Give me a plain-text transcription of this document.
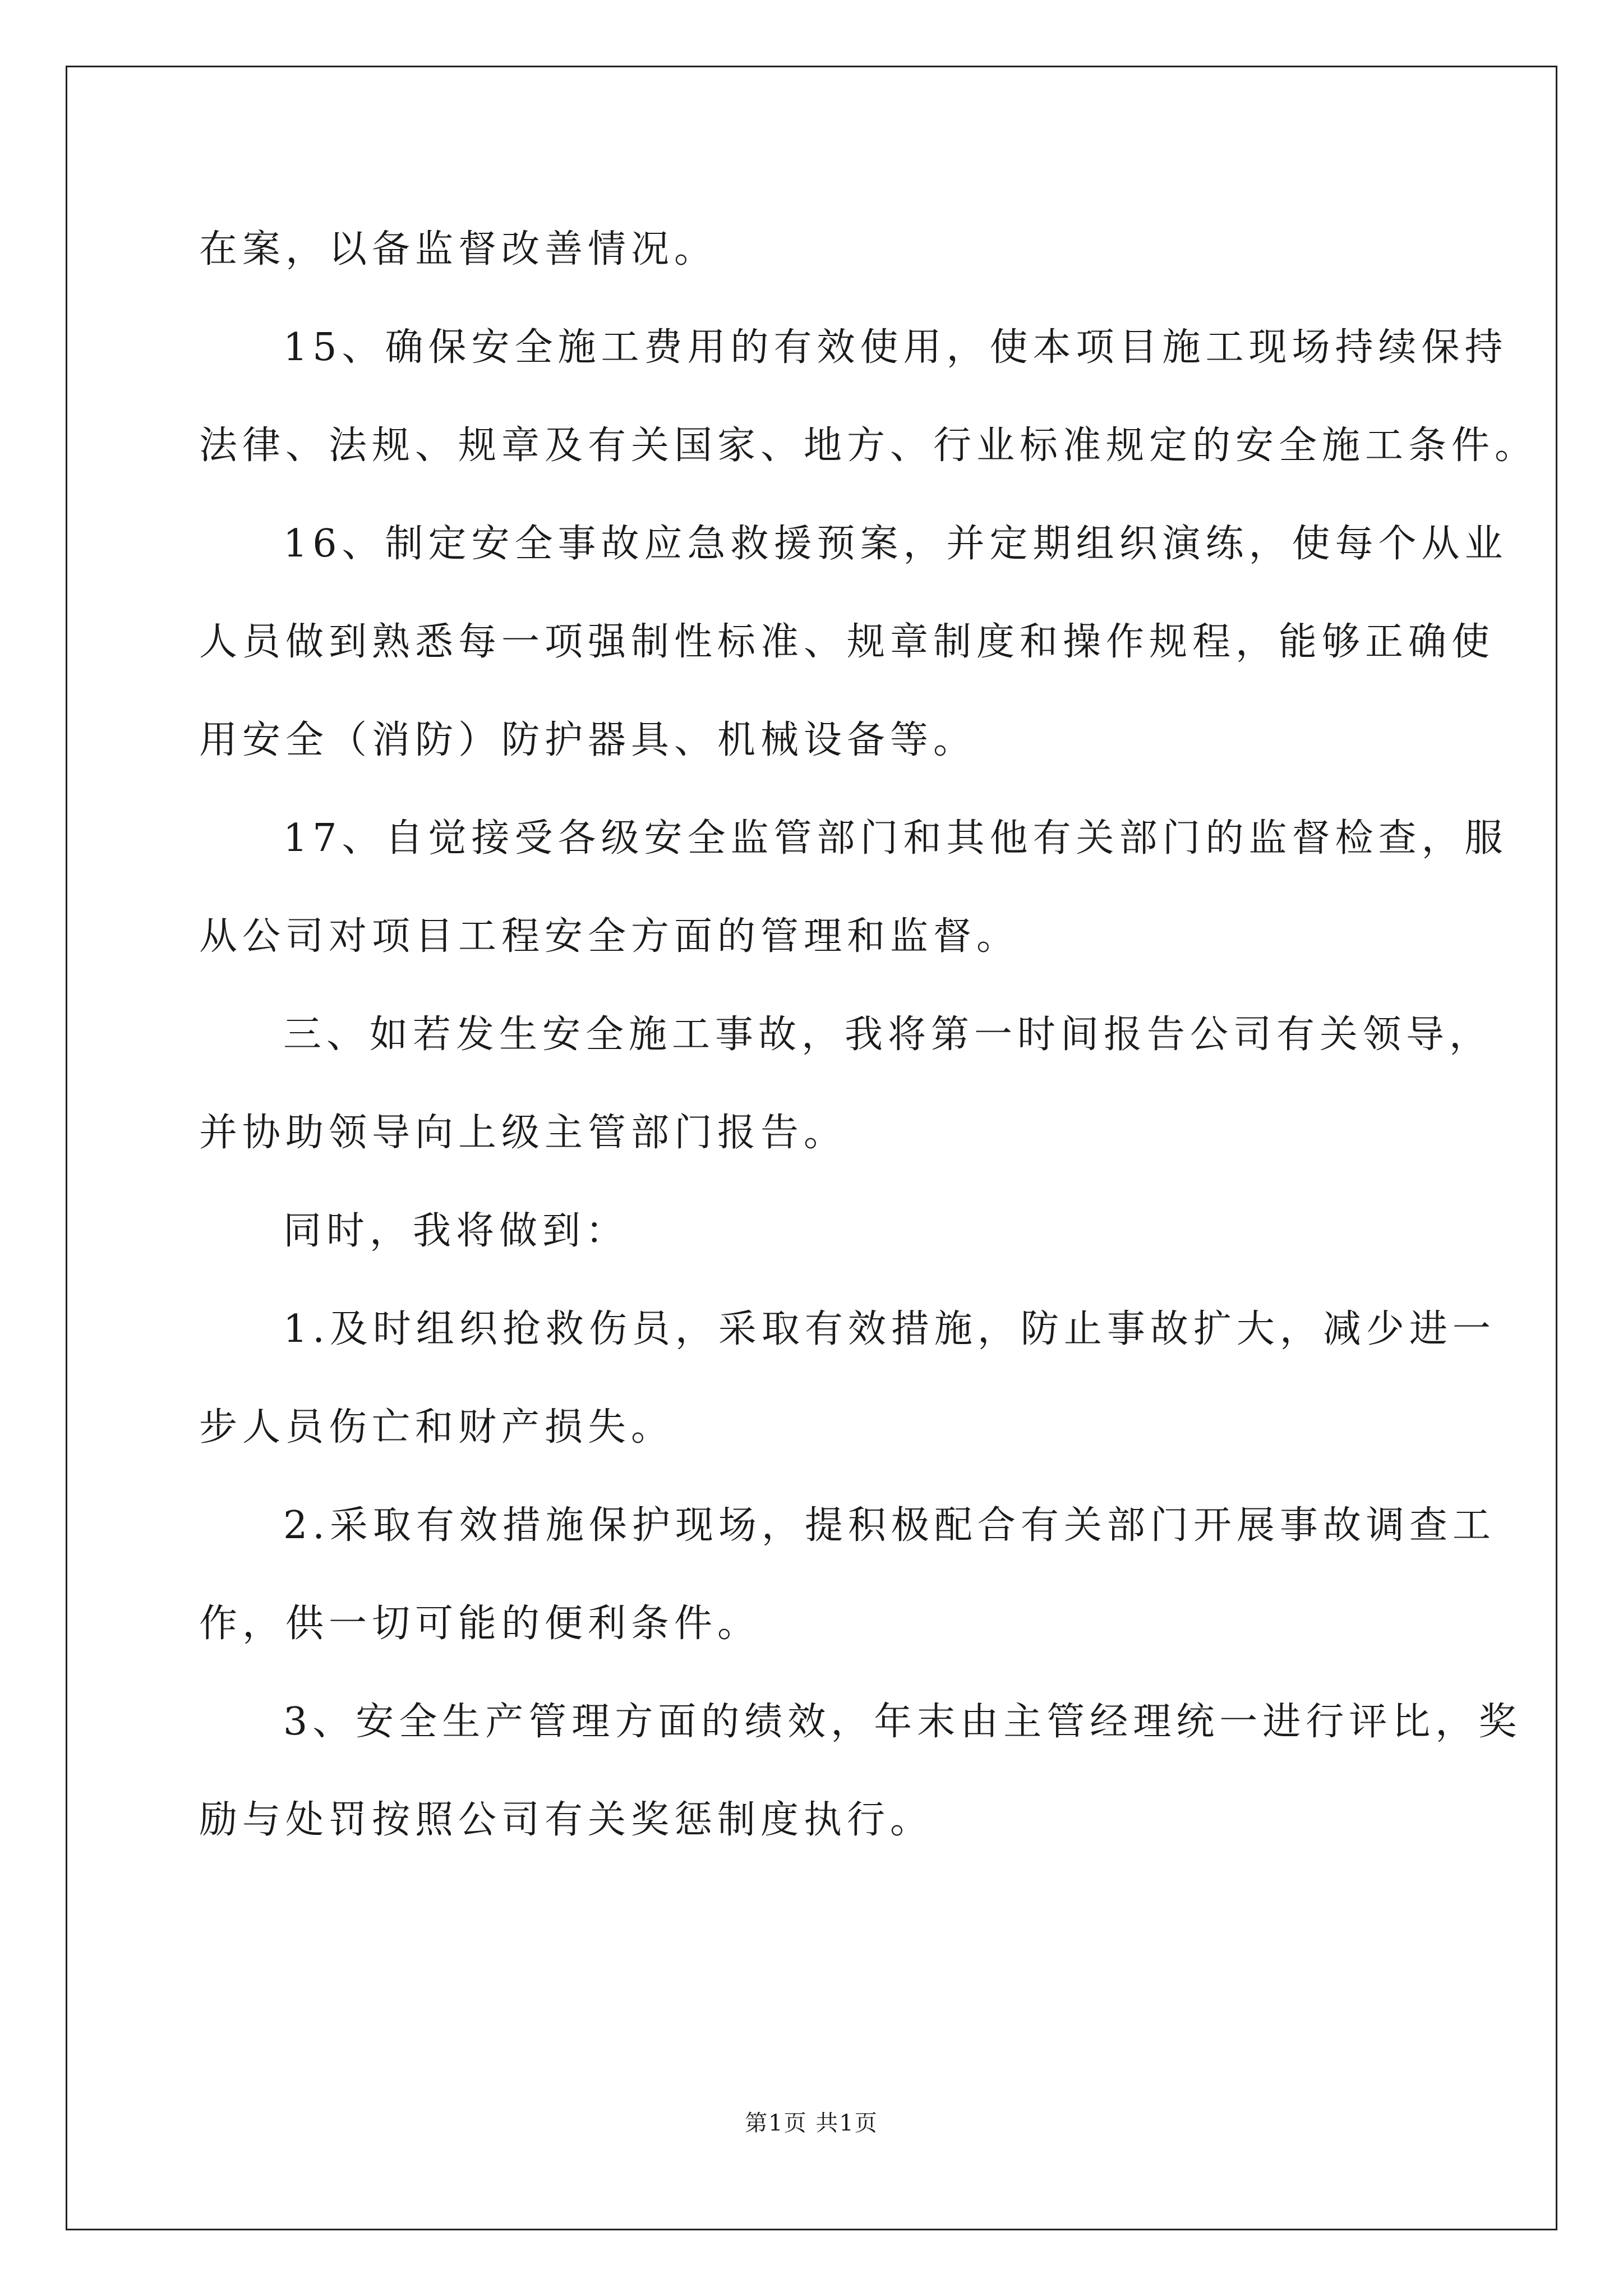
在案，以备监督改善情况。
15、确保安全施工费用的有效使用，使本项目施工现场持续保持
法律、法规、规章及有关国家、地方、行业标准规定的安全施工条件。
16、制定安全事故应急救援预案，并定期组织演练，使每个从业
人员做到熟悉每一项强制性标准、规章制度和操作规程，能够正确使
用安全（消防）防护器具、机械设备等。
17、自觉接受各级安全监管部门和其他有关部门的监督检查，服
从公司对项目工程安全方面的管理和监督。
三、如若发生安全施工事故，我将第一时间报告公司有关领导，
并协助领导向上级主管部门报告。
同时，我将做到：
1.及时组织抢救伤员，采取有效措施，防止事故扩大，减少进一
步人员伤亡和财产损失。
2.采取有效措施保护现场，提积极配合有关部门开展事故调查工
作，供一切可能的便利条件。
3、安全生产管理方面的绩效，年末由主管经理统一进行评比，奖
励与处罚按照公司有关奖惩制度执行。
第1页 共1页
